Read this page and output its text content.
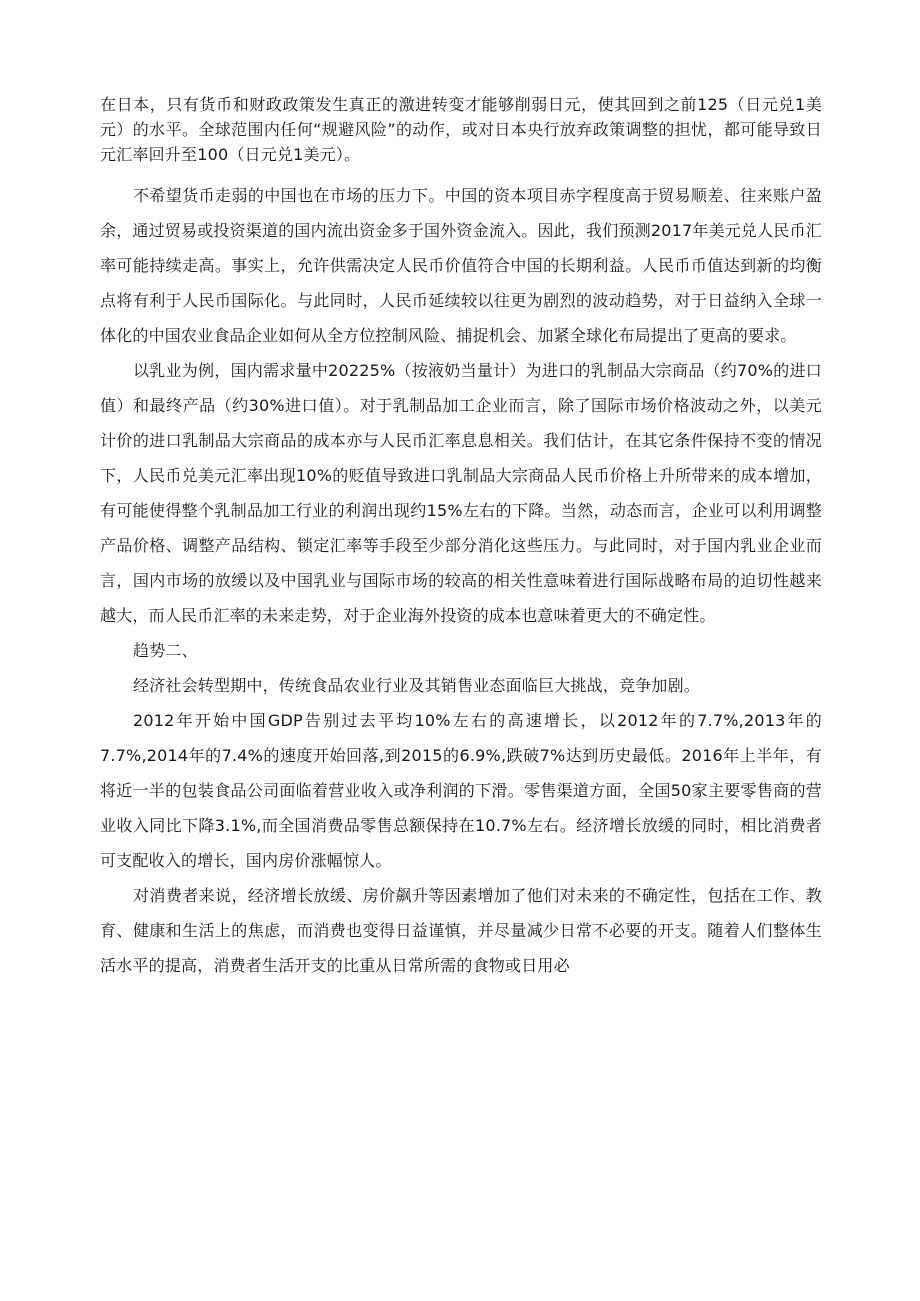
在日本，只有货币和财政政策发生真正的激进转变才能够削弱日元，使其回到之前125（日元兑1美元）的水平。全球范围内任何“规避风险”的动作，或对日本央行放弃政策调整的担忧，都可能导致日元汇率回升至100（日元兑1美元）。

不希望货币走弱的中国也在市场的压力下。中国的资本项目赤字程度高于贸易顺差、往来账户盈余，通过贸易或投资渠道的国内流出资金多于国外资金流入。因此，我们预测2017年美元兑人民币汇率可能持续走高。事实上，允许供需决定人民币价值符合中国的长期利益。人民币币值达到新的均衡点将有利于人民币国际化。与此同时，人民币延续较以往更为剧烈的波动趋势，对于日益纳入全球一体化的中国农业食品企业如何从全方位控制风险、捕捉机会、加紧全球化布局提出了更高的要求。

以乳业为例，国内需求量中20225%（按液奶当量计）为进口的乳制品大宗商品（约70%的进口值）和最终产品（约30%进口值）。对于乳制品加工企业而言，除了国际市场价格波动之外，以美元计价的进口乳制品大宗商品的成本亦与人民币汇率息息相关。我们估计，在其它条件保持不变的情况下，人民币兑美元汇率出现10%的贬值导致进口乳制品大宗商品人民币价格上升所带来的成本增加，有可能使得整个乳制品加工行业的利润出现约15%左右的下降。当然，动态而言，企业可以利用调整产品价格、调整产品结构、锁定汇率等手段至少部分消化这些压力。与此同时，对于国内乳业企业而言，国内市场的放缓以及中国乳业与国际市场的较高的相关性意味着进行国际战略布局的迫切性越来越大，而人民币汇率的未来走势，对于企业海外投资的成本也意味着更大的不确定性。

趋势二、

经济社会转型期中，传统食品农业行业及其销售业态面临巨大挑战，竞争加剧。

2012年开始中国GDP告别过去平均10%左右的高速增长，以2012年的7.7%,2013年的7.7%,2014年的7.4%的速度开始回落,到2015的6.9%,跌破7%达到历史最低。2016年上半年，有将近一半的包装食品公司面临着营业收入或净利润的下滑。零售渠道方面，全国50家主要零售商的营业收入同比下降3.1%,而全国消费品零售总额保持在10.7%左右。经济增长放缓的同时，相比消费者可支配收入的增长，国内房价涨幅惊人。

对消费者来说，经济增长放缓、房价飙升等因素增加了他们对未来的不确定性，包括在工作、教育、健康和生活上的焦虑，而消费也变得日益谨慎，并尽量减少日常不必要的开支。随着人们整体生活水平的提高，消费者生活开支的比重从日常所需的食物或日用必
